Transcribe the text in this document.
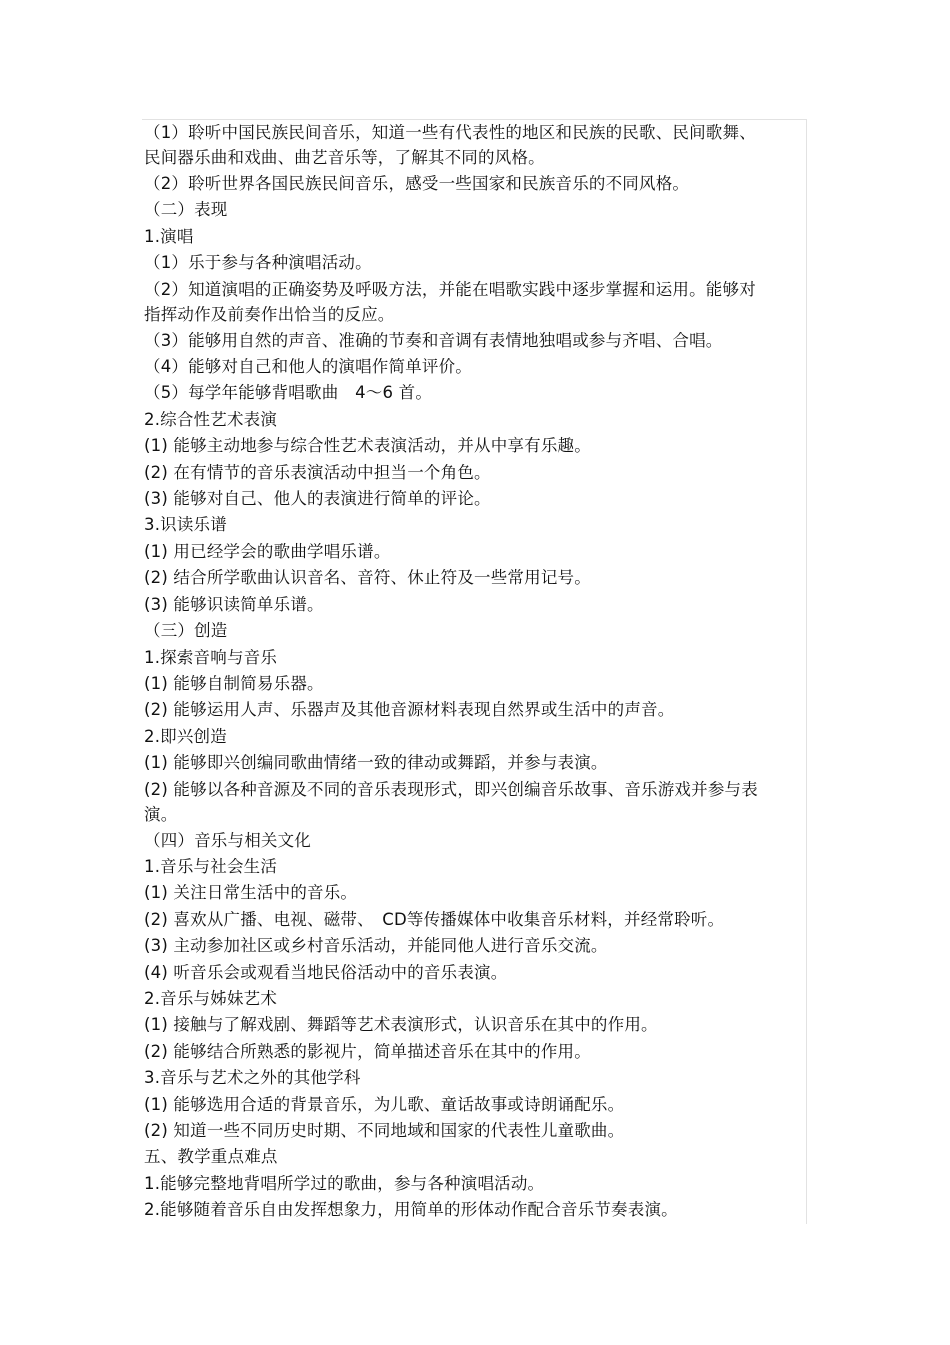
（1）聆听中国民族民间音乐，知道一些有代表性的地区和民族的民歌、民间歌舞、民间器乐曲和戏曲、曲艺音乐等，了解其不同的风格。
（2）聆听世界各国民族民间音乐，感受一些国家和民族音乐的不同风格。
（二）表现
1.演唱
（1）乐于参与各种演唱活动。
（2）知道演唱的正确姿势及呼吸方法，并能在唱歌实践中逐步掌握和运用。能够对指挥动作及前奏作出恰当的反应。
（3）能够用自然的声音、准确的节奏和音调有表情地独唱或参与齐唱、合唱。
（4）能够对自己和他人的演唱作简单评价。
（5）每学年能够背唱歌曲　4～6 首。
2.综合性艺术表演
(1) 能够主动地参与综合性艺术表演活动，并从中享有乐趣。
(2) 在有情节的音乐表演活动中担当一个角色。
(3) 能够对自己、他人的表演进行简单的评论。
3.识读乐谱
(1) 用已经学会的歌曲学唱乐谱。
(2) 结合所学歌曲认识音名、音符、休止符及一些常用记号。
(3) 能够识读简单乐谱。
（三）创造
1.探索音响与音乐
(1) 能够自制简易乐器。
(2) 能够运用人声、乐器声及其他音源材料表现自然界或生活中的声音。
2.即兴创造
(1) 能够即兴创编同歌曲情绪一致的律动或舞蹈，并参与表演。
(2) 能够以各种音源及不同的音乐表现形式，即兴创编音乐故事、音乐游戏并参与表演。
（四）音乐与相关文化
1.音乐与社会生活
(1) 关注日常生活中的音乐。
(2) 喜欢从广播、电视、磁带、　CD等传播媒体中收集音乐材料，并经常聆听。
(3) 主动参加社区或乡村音乐活动，并能同他人进行音乐交流。
(4) 听音乐会或观看当地民俗活动中的音乐表演。
2.音乐与姊妹艺术
(1) 接触与了解戏剧、舞蹈等艺术表演形式，认识音乐在其中的作用。
(2) 能够结合所熟悉的影视片，简单描述音乐在其中的作用。
3.音乐与艺术之外的其他学科
(1) 能够选用合适的背景音乐，为儿歌、童话故事或诗朗诵配乐。
(2) 知道一些不同历史时期、不同地域和国家的代表性儿童歌曲。
五、教学重点难点
1.能够完整地背唱所学过的歌曲，参与各种演唱活动。
2.能够随着音乐自由发挥想象力，用简单的形体动作配合音乐节奏表演。
